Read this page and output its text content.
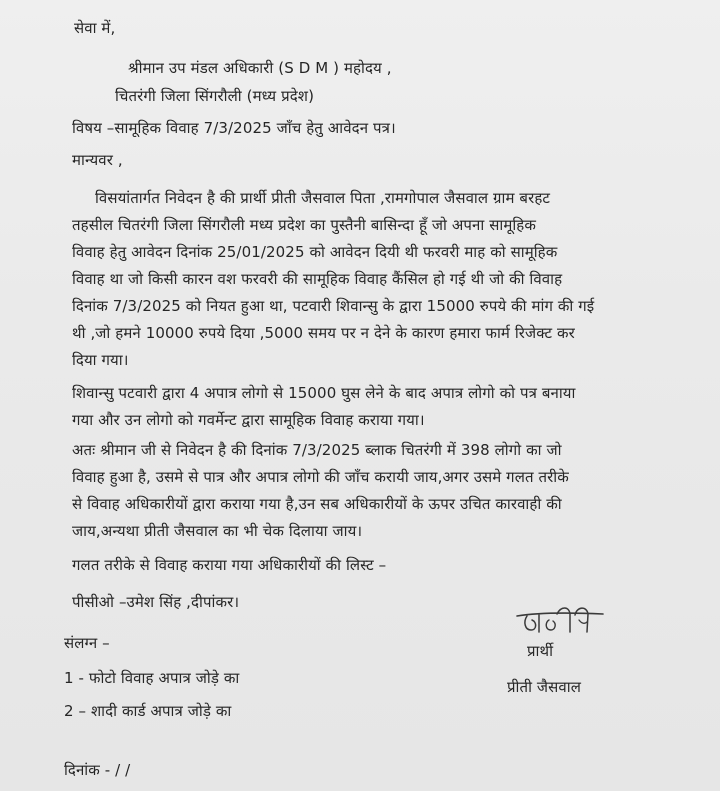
सेवा में,
श्रीमान उप मंडल अधिकारी (S D M ) महोदय ,
चितरंगी जिला सिंगरौली (मध्य प्रदेश)
विषय –सामूहिक विवाह 7/3/2025 जाँच हेतु आवेदन पत्र।
मान्यवर ,
विसयांतार्गत निवेदन है की प्रार्थी प्रीती जैसवाल पिता ,रामगोपाल जैसवाल ग्राम बरहट
तहसील चितरंगी जिला सिंगरौली मध्य प्रदेश का पुस्तैनी बासिन्दा हूँ जो अपना सामूहिक
विवाह हेतु आवेदन दिनांक 25/01/2025 को आवेदन दियी थी फरवरी माह को सामूहिक
विवाह था जो किसी कारन वश फरवरी की सामूहिक विवाह कैंसिल हो गई थी जो की विवाह
दिनांक 7/3/2025 को नियत हुआ था, पटवारी शिवान्सु के द्वारा 15000 रुपये की मांग की गई
थी ,जो हमने 10000 रुपये दिया ,5000 समय पर न देने के कारण हमारा फार्म रिजेक्ट कर
दिया गया।
शिवान्सु पटवारी द्वारा 4 अपात्र लोगो से 15000 घुस लेने के बाद अपात्र लोगो को पत्र बनाया
गया और उन लोगो को गवर्मेन्ट द्वारा सामूहिक विवाह कराया गया।
अतः श्रीमान जी से निवेदन है की दिनांक 7/3/2025 ब्लाक चितरंगी में 398 लोगो का जो
विवाह हुआ है, उसमे से पात्र और अपात्र लोगो की जाँच करायी जाय,अगर उसमे गलत तरीके
से विवाह अधिकारीयों द्वारा कराया गया है,उन सब अधिकारीयों के ऊपर उचित कारवाही की
जाय,अन्यथा प्रीती जैसवाल का भी चेक दिलाया जाय।
गलत तरीके से विवाह कराया गया अधिकारीयों की लिस्ट –
पीसीओ –उमेश सिंह ,दीपांकर।
संलग्न –
1 - फोटो विवाह अपात्र जोड़े का
2 – शादी कार्ड अपात्र जोड़े का
दिनांक - / /
प्रार्थी
प्रीती जैसवाल
